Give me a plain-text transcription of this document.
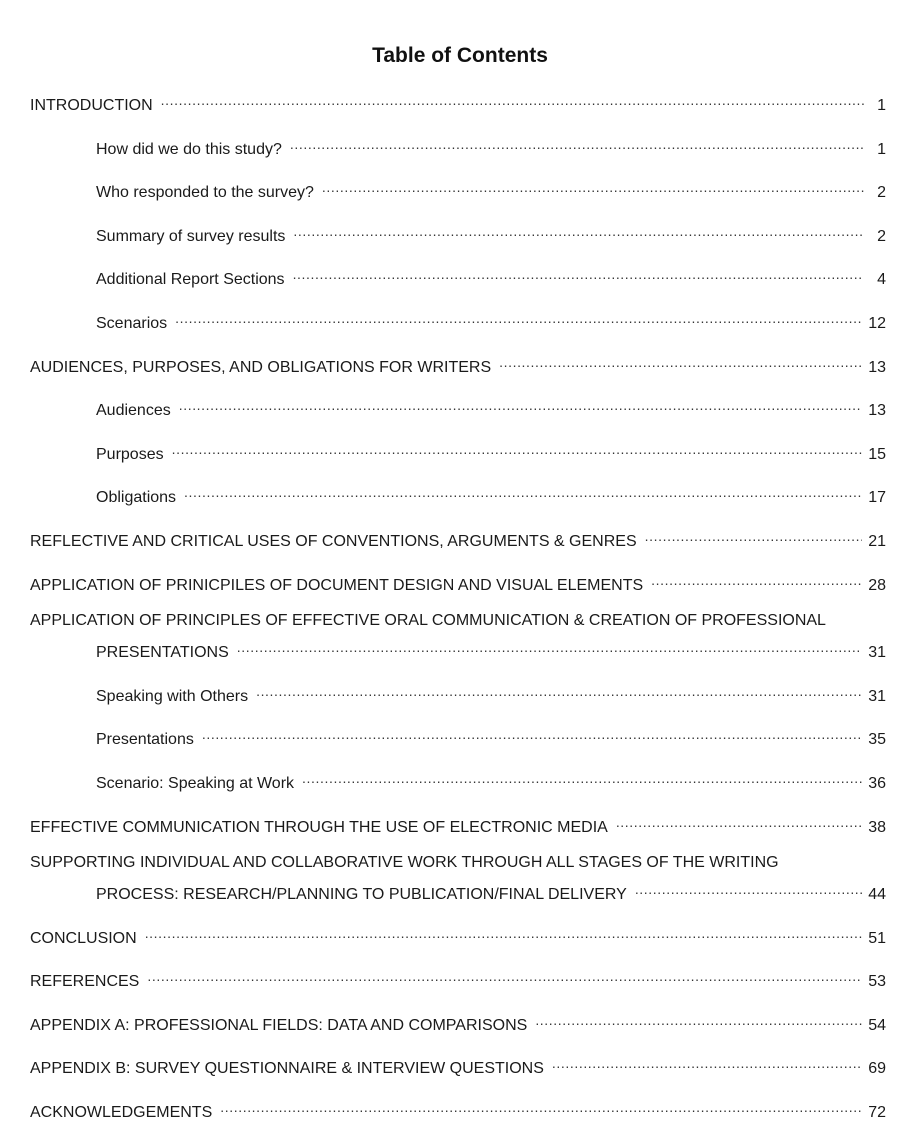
Table of Contents
INTRODUCTION .....	1
How did we do this study? .....	1
Who responded to the survey? .....	2
Summary of survey results .....	2
Additional Report Sections .....	4
Scenarios .....	12
AUDIENCES, PURPOSES, AND OBLIGATIONS FOR WRITERS .....	13
Audiences .....	13
Purposes .....	15
Obligations .....	17
REFLECTIVE AND CRITICAL USES OF CONVENTIONS, ARGUMENTS & GENRES .....	21
APPLICATION OF PRINICPILES OF DOCUMENT DESIGN AND VISUAL ELEMENTS .....	28
APPLICATION OF PRINCIPLES OF EFFECTIVE ORAL COMMUNICATION & CREATION OF PROFESSIONAL
PRESENTATIONS .....	31
Speaking with Others .....	31
Presentations .....	35
Scenario: Speaking at Work .....	36
EFFECTIVE COMMUNICATION THROUGH THE USE OF ELECTRONIC MEDIA .....	38
SUPPORTING INDIVIDUAL AND COLLABORATIVE WORK THROUGH ALL STAGES OF THE WRITING
PROCESS: RESEARCH/PLANNING TO PUBLICATION/FINAL DELIVERY .....	44
CONCLUSION .....	51
REFERENCES .....	53
APPENDIX A: PROFESSIONAL FIELDS: DATA AND COMPARISONS .....	54
APPENDIX B: SURVEY QUESTIONNAIRE & INTERVIEW QUESTIONS .....	69
ACKNOWLEDGEMENTS .....	72
